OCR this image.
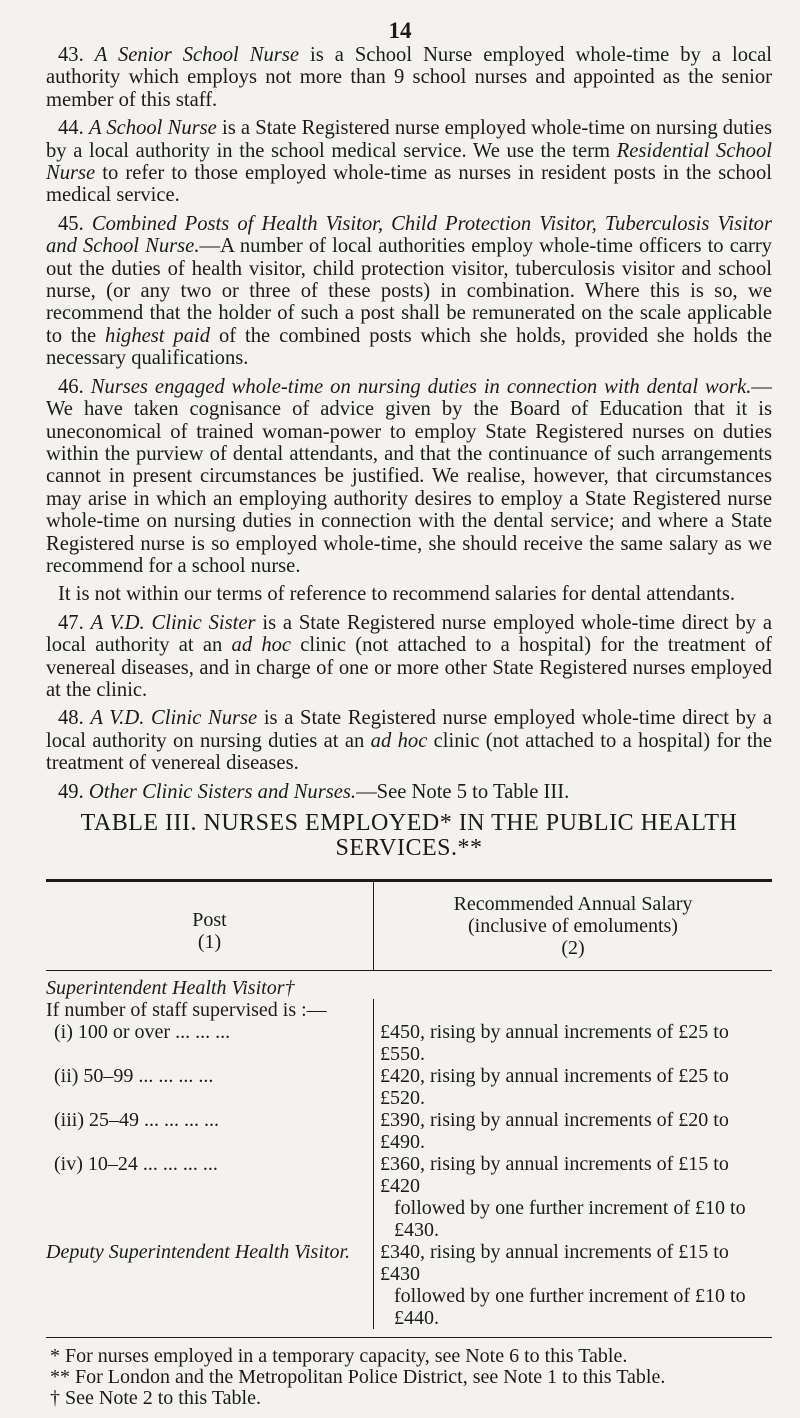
14

43. A Senior School Nurse is a School Nurse employed whole-time by a local authority which employs not more than 9 school nurses and appointed as the senior member of this staff.

44. A School Nurse is a State Registered nurse employed whole-time on nursing duties by a local authority in the school medical service. We use the term Residential School Nurse to refer to those employed whole-time as nurses in resident posts in the school medical service.

45. Combined Posts of Health Visitor, Child Protection Visitor, Tuberculosis Visitor and School Nurse.—A number of local authorities employ whole-time officers to carry out the duties of health visitor, child protection visitor, tuberculosis visitor and school nurse, (or any two or three of these posts) in combination. Where this is so, we recommend that the holder of such a post shall be remunerated on the scale applicable to the highest paid of the combined posts which she holds, provided she holds the necessary qualifications.

46. Nurses engaged whole-time on nursing duties in connection with dental work.—We have taken cognisance of advice given by the Board of Education that it is uneconomical of trained woman-power to employ State Registered nurses on duties within the purview of dental attendants, and that the continuance of such arrangements cannot in present circumstances be justified. We realise, however, that circumstances may arise in which an employing authority desires to employ a State Registered nurse whole-time on nursing duties in connection with the dental service; and where a State Registered nurse is so employed whole-time, she should receive the same salary as we recommend for a school nurse.

It is not within our terms of reference to recommend salaries for dental attendants.

47. A V.D. Clinic Sister is a State Registered nurse employed whole-time direct by a local authority at an ad hoc clinic (not attached to a hospital) for the treatment of venereal diseases, and in charge of one or more other State Registered nurses employed at the clinic.

48. A V.D. Clinic Nurse is a State Registered nurse employed whole-time direct by a local authority on nursing duties at an ad hoc clinic (not attached to a hospital) for the treatment of venereal diseases.

49. Other Clinic Sisters and Nurses.—See Note 5 to Table III.

TABLE III. NURSES EMPLOYED* IN THE PUBLIC HEALTH
SERVICES.**
Post
(1)
Recommended Annual Salary
(inclusive of emoluments)
(2)
Superintendent Health Visitor†
If number of staff supervised is :—
(i) 100 or over ... ... ...	£450, rising by annual increments of £25 to £550.
(ii) 50–99 ... ... ... ...	£420, rising by annual increments of £25 to £520.
(iii) 25–49 ... ... ... ...	£390, rising by annual increments of £20 to £490.
(iv) 10–24 ... ... ... ...	£360, rising by annual increments of £15 to £420
followed by one further increment of £10 to £430.
Deputy Superintendent Health Visitor.	£340, rising by annual increments of £15 to £430
followed by one further increment of £10 to £440.
* For nurses employed in a temporary capacity, see Note 6 to this Table.
** For London and the Metropolitan Police District, see Note 1 to this Table.
† See Note 2 to this Table.
